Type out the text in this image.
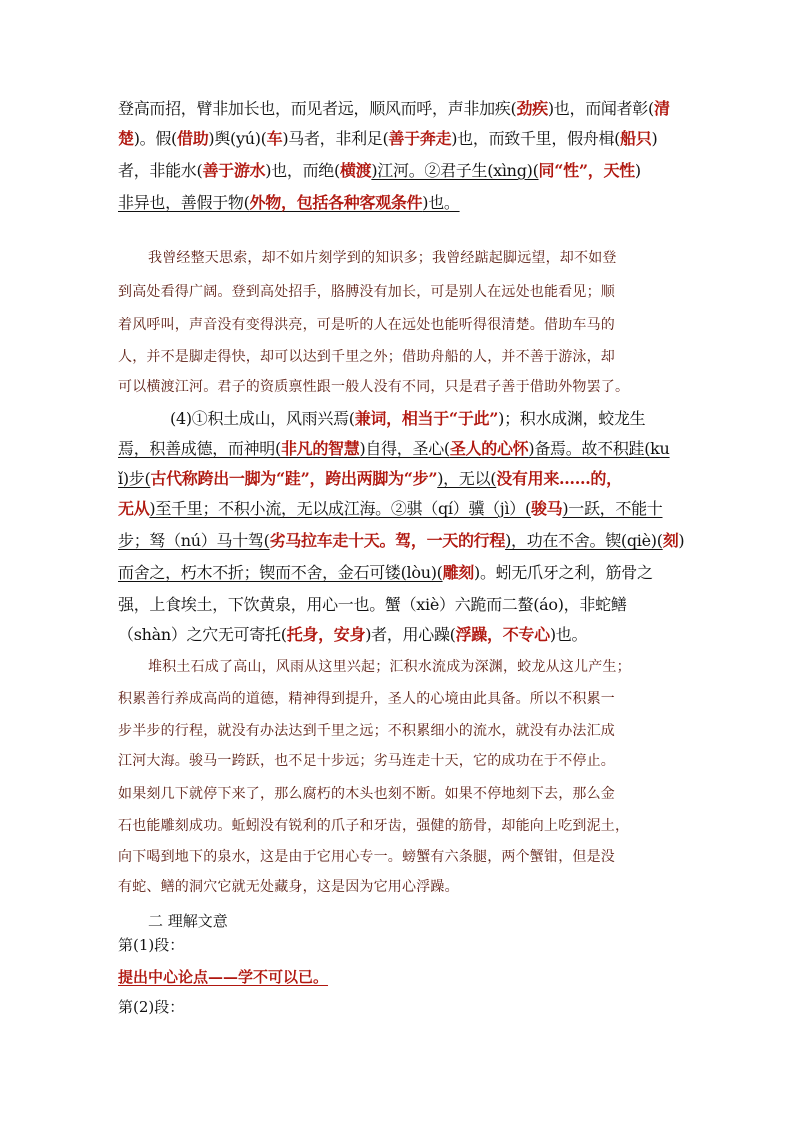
登高而招，臂非加长也，而见者远，顺风而呼，声非加疾(劲疾)也，而闻者彰(清
楚)。假(借助)舆(yú)(车)马者，非利足(善于奔走)也，而致千里，假舟楫(船只)
者，非能水(善于游水)也，而绝(横渡)江河。②君子生(xìng)(同“性”，天性)
非异也，善假于物(外物，包括各种客观条件)也。
我曾经整天思索，却不如片刻学到的知识多；我曾经踮起脚远望，却不如登
到高处看得广阔。登到高处招手，胳膊没有加长，可是别人在远处也能看见；顺
着风呼叫，声音没有变得洪亮，可是听的人在远处也能听得很清楚。借助车马的
人，并不是脚走得快，却可以达到千里之外；借助舟船的人，并不善于游泳，却
可以横渡江河。君子的资质禀性跟一般人没有不同，只是君子善于借助外物罢了。
(4)①积土成山，风雨兴焉(兼词，相当于“于此”)；积水成渊，蛟龙生
焉，积善成德，而神明(非凡的智慧)自得，圣心(圣人的心怀)备焉。故不积跬(ku
ǐ)步(古代称跨出一脚为“跬”，跨出两脚为“步”)，无以(没有用来……的，
无从)至千里；不积小流，无以成江海。②骐（qí）骥（jì）(骏马)一跃，不能十
步；驽（nú）马十驾(劣马拉车走十天。驾，一天的行程)，功在不舍。锲(qiè)(刻)
而舍之，朽木不折；锲而不舍，金石可镂(lòu)(雕刻)。蚓无爪牙之利，筋骨之
强，上食埃土，下饮黄泉，用心一也。蟹（xiè）六跪而二螯(áo)，非蛇鳝
（shàn）之穴无可寄托(托身，安身)者，用心躁(浮躁，不专心)也。
堆积土石成了高山，风雨从这里兴起；汇积水流成为深渊，蛟龙从这儿产生；
积累善行养成高尚的道德，精神得到提升，圣人的心境由此具备。所以不积累一
步半步的行程，就没有办法达到千里之远；不积累细小的流水，就没有办法汇成
江河大海。骏马一跨跃，也不足十步远；劣马连走十天，它的成功在于不停止。
如果刻几下就停下来了，那么腐朽的木头也刻不断。如果不停地刻下去，那么金
石也能雕刻成功。蚯蚓没有锐利的爪子和牙齿，强健的筋骨，却能向上吃到泥土，
向下喝到地下的泉水，这是由于它用心专一。螃蟹有六条腿，两个蟹钳，但是没
有蛇、鳝的洞穴它就无处藏身，这是因为它用心浮躁。
二 理解文意
第(1)段：
提出中心论点——学不可以已。
第(2)段：
